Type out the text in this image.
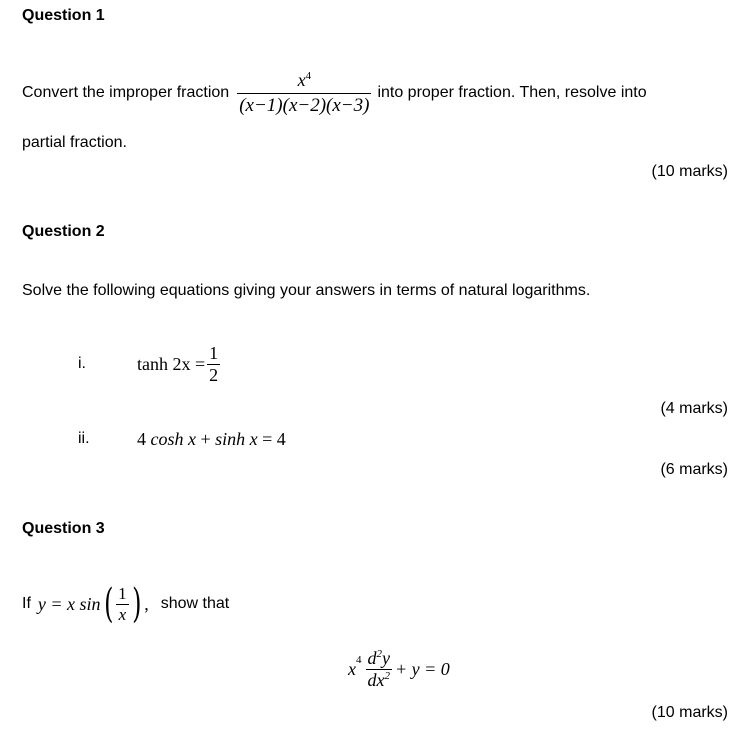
Question 1
Convert the improper fraction $\frac{x^4}{(x-1)(x-2)(x-3)}$ into proper fraction. Then, resolve into
partial fraction.
(10 marks)
Question 2
Solve the following equations giving your answers in terms of natural logarithms.
i.	$\tanh 2x = \frac{1}{2}$
(4 marks)
ii.	4 cosh x + sinh x = 4
(6 marks)
Question 3
If y = x sin ( $\frac{1}{x}$ ) , show that
x $4 \frac{d^2y}{dx^2} + y = 0$
(10 marks)
